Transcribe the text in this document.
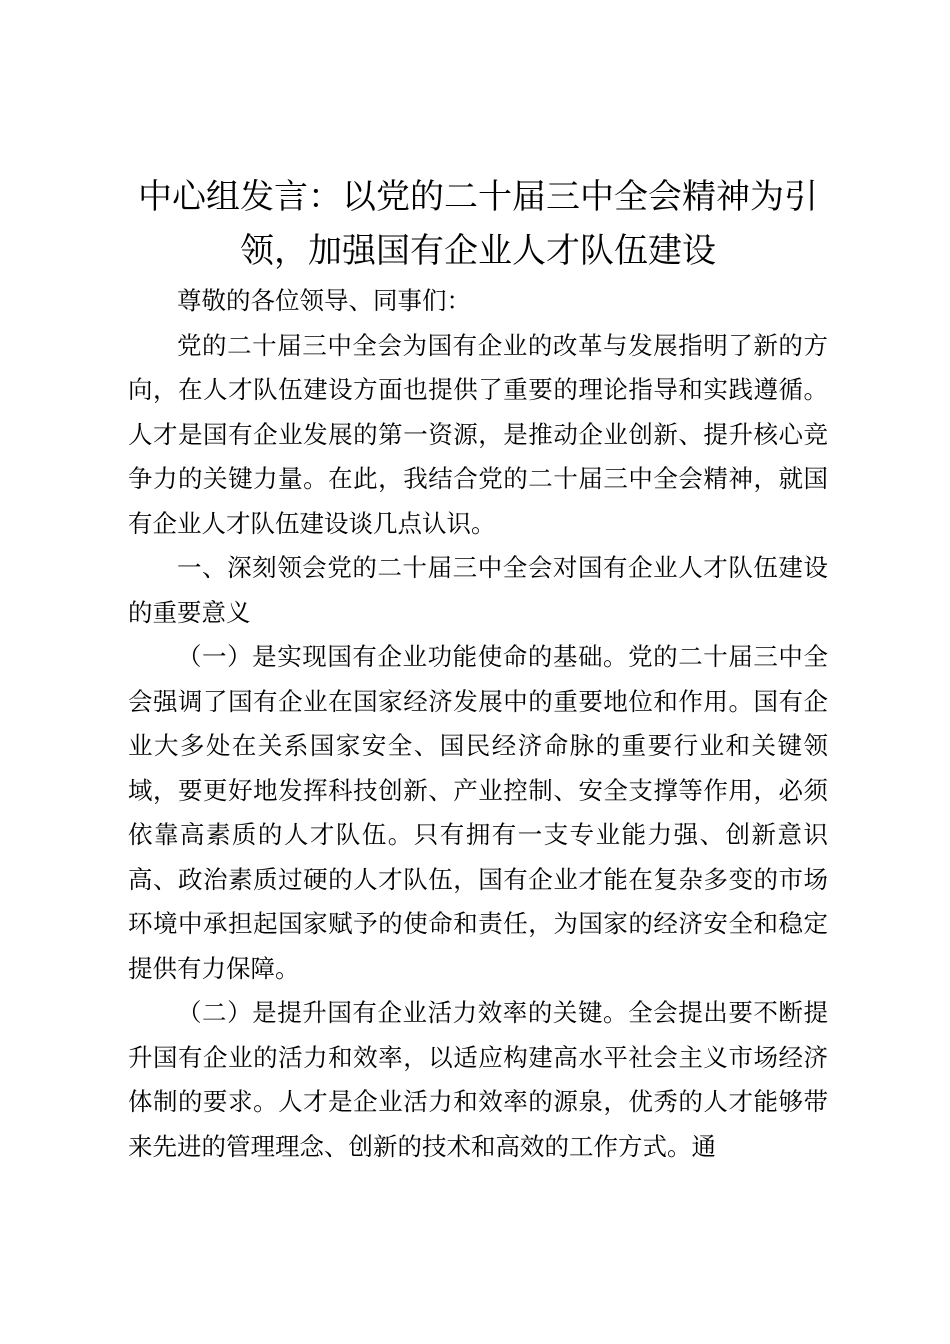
中心组发言：以党的二十届三中全会精神为引领，加强国有企业人才队伍建设

尊敬的各位领导、同事们：

党的二十届三中全会为国有企业的改革与发展指明了新的方向，在人才队伍建设方面也提供了重要的理论指导和实践遵循。人才是国有企业发展的第一资源，是推动企业创新、提升核心竞争力的关键力量。在此，我结合党的二十届三中全会精神，就国有企业人才队伍建设谈几点认识。

一、深刻领会党的二十届三中全会对国有企业人才队伍建设的重要意义

（一）是实现国有企业功能使命的基础。党的二十届三中全会强调了国有企业在国家经济发展中的重要地位和作用。国有企业大多处在关系国家安全、国民经济命脉的重要行业和关键领域，要更好地发挥科技创新、产业控制、安全支撑等作用，必须依靠高素质的人才队伍。只有拥有一支专业能力强、创新意识高、政治素质过硬的人才队伍，国有企业才能在复杂多变的市场环境中承担起国家赋予的使命和责任，为国家的经济安全和稳定提供有力保障。

（二）是提升国有企业活力效率的关键。全会提出要不断提升国有企业的活力和效率，以适应构建高水平社会主义市场经济体制的要求。人才是企业活力和效率的源泉，优秀的人才能够带来先进的管理理念、创新的技术和高效的工作方式。通
